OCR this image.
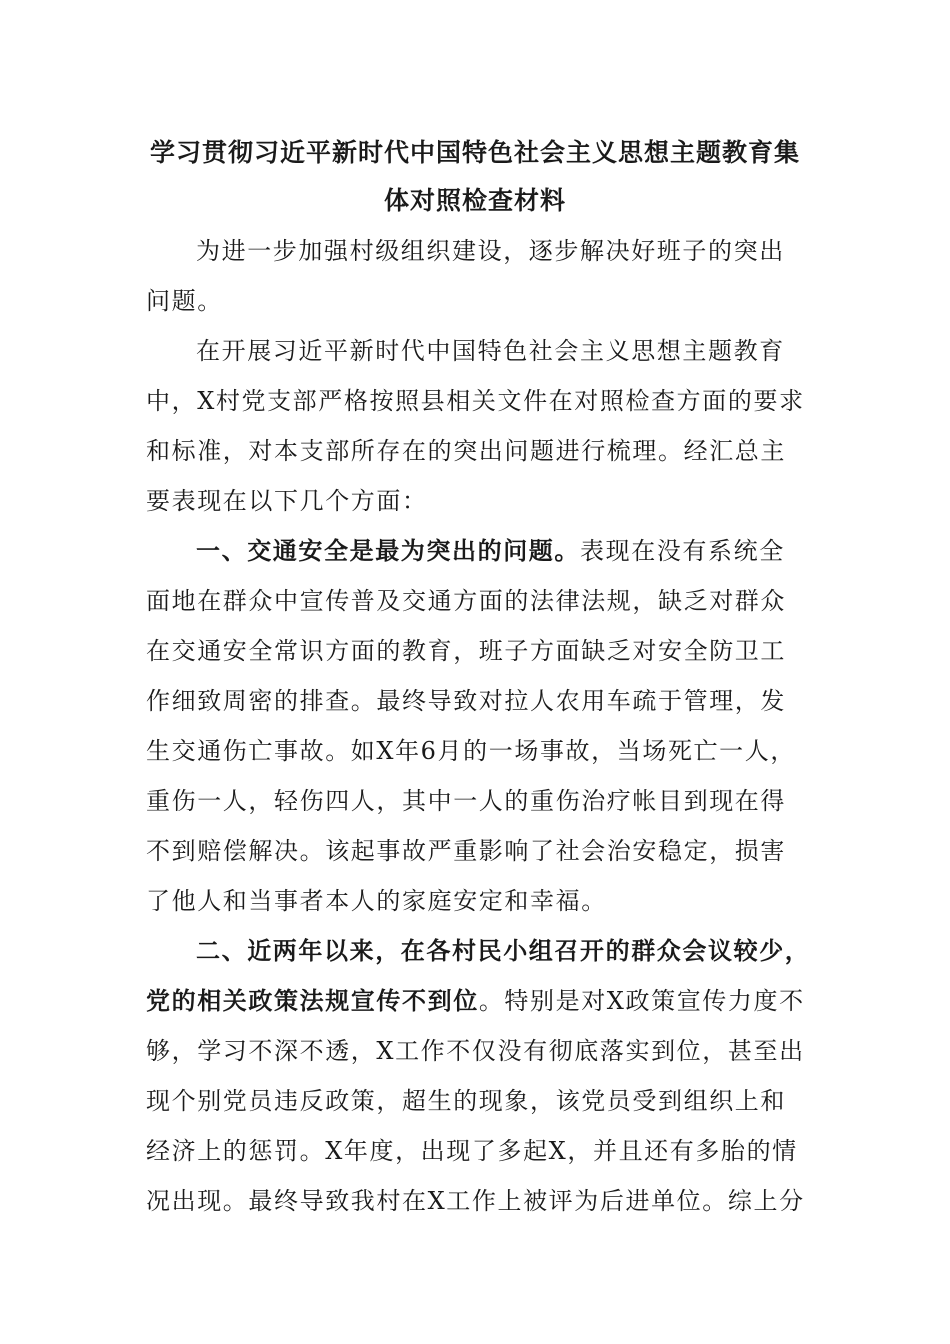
学习贯彻习近平新时代中国特色社会主义思想主题教育集
体对照检查材料
为进一步加强村级组织建设，逐步解决好班子的突出
问题。
在开展习近平新时代中国特色社会主义思想主题教育
中，X村党支部严格按照县相关文件在对照检查方面的要求
和标准，对本支部所存在的突出问题进行梳理。经汇总主
要表现在以下几个方面：
一、交通安全是最为突出的问题。表现在没有系统全
面地在群众中宣传普及交通方面的法律法规，缺乏对群众
在交通安全常识方面的教育，班子方面缺乏对安全防卫工
作细致周密的排查。最终导致对拉人农用车疏于管理，发
生交通伤亡事故。如X年6月的一场事故，当场死亡一人，
重伤一人，轻伤四人，其中一人的重伤治疗帐目到现在得
不到赔偿解决。该起事故严重影响了社会治安稳定，损害
了他人和当事者本人的家庭安定和幸福。
二、近两年以来，在各村民小组召开的群众会议较少，
党的相关政策法规宣传不到位。特别是对X政策宣传力度不
够，学习不深不透，X工作不仅没有彻底落实到位，甚至出
现个别党员违反政策，超生的现象，该党员受到组织上和
经济上的惩罚。X年度，出现了多起X，并且还有多胎的情
况出现。最终导致我村在X工作上被评为后进单位。综上分
